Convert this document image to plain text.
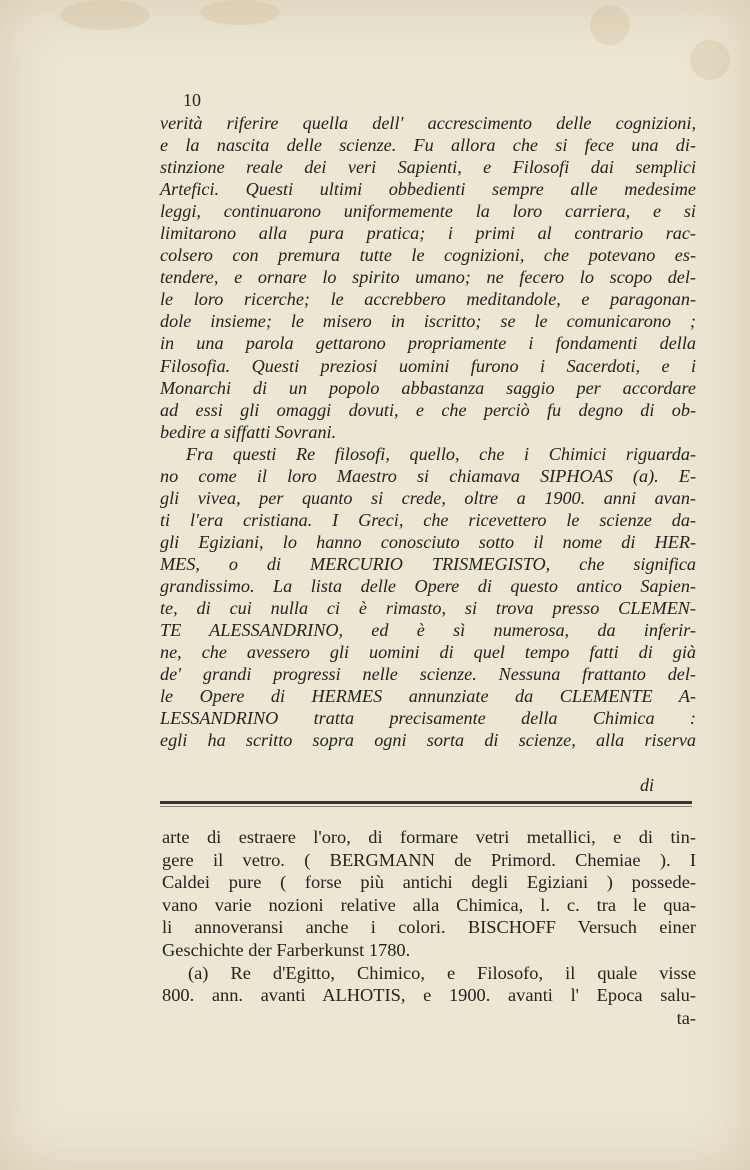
10
verità riferire quella dell' accrescimento delle cognizioni,
e la nascita delle scienze. Fu allora che si fece una di-
stinzione reale dei veri Sapienti, e Filosofi dai semplici
Artefici. Questi ultimi obbedienti sempre alle medesime
leggi, continuarono uniformemente la loro carriera, e si
limitarono alla pura pratica; i primi al contrario rac-
colsero con premura tutte le cognizioni, che potevano es-
tendere, e ornare lo spirito umano; ne fecero lo scopo del-
le loro ricerche; le accrebbero meditandole, e paragonan-
dole insieme; le misero in iscritto; se le comunicarono ;
in una parola gettarono propriamente i fondamenti della
Filosofia. Questi preziosi uomini furono i Sacerdoti, e i
Monarchi di un popolo abbastanza saggio per accordare
ad essi gli omaggi dovuti, e che perciò fu degno di ob-
bedire a siffatti Sovrani.
Fra questi Re filosofi, quello, che i Chimici riguarda-
no come il loro Maestro si chiamava SIPHOAS (a). E-
gli vivea, per quanto si crede, oltre a 1900. anni avan-
ti l'era cristiana. I Greci, che ricevettero le scienze da-
gli Egiziani, lo hanno conosciuto sotto il nome di HER-
MES, o di MERCURIO TRISMEGISTO, che significa
grandissimo. La lista delle Opere di questo antico Sapien-
te, di cui nulla ci è rimasto, si trova presso CLEMEN-
TE ALESSANDRINO, ed è sì numerosa, da inferir-
ne, che avessero gli uomini di quel tempo fatti di già
de' grandi progressi nelle scienze. Nessuna frattanto del-
le Opere di HERMES annunziate da CLEMENTE A-
LESSANDRINO tratta precisamente della Chimica :
egli ha scritto sopra ogni sorta di scienze, alla riserva
di
arte di estraere l'oro, di formare vetri metallici, e di tin-
gere il vetro. ( BERGMANN de Primord. Chemiae ). I
Caldei pure ( forse più antichi degli Egiziani ) possede-
vano varie nozioni relative alla Chimica, l. c. tra le qua-
li annoveransi anche i colori. BISCHOFF Versuch einer
Geschichte der Farberkunst 1780.
(a) Re d'Egitto, Chimico, e Filosofo, il quale visse
800. ann. avanti ALHOTIS, e 1900. avanti l' Epoca salu-
ta-
